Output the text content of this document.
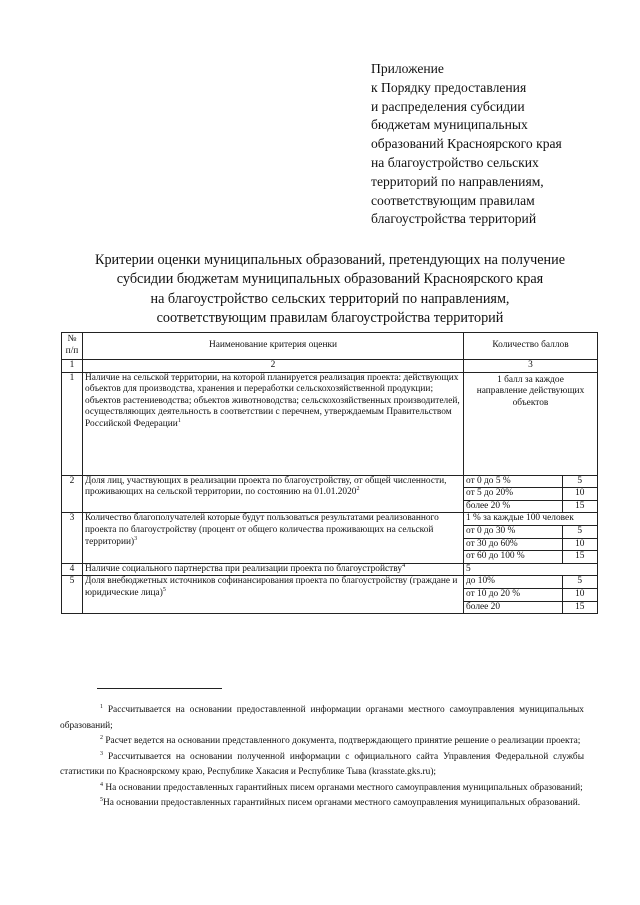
Приложение
к Порядку предоставления
и распределения субсидии
бюджетам муниципальных
образований Красноярского края
на благоустройство сельских
территорий по направлениям,
соответствующим правилам
благоустройства территорий
Критерии оценки муниципальных образований, претендующих на получение
субсидии бюджетам муниципальных образований Красноярского края
на благоустройство сельских территорий по направлениям,
соответствующим правилам благоустройства территорий
№ п/п	Наименование критерия оценки	Количество баллов
1	2	3
1	Наличие на сельской территории, на которой планируется реализация проекта: действующих объектов для производства, хранения и переработки сельскохозяйственной продукции; объектов растениеводства; объектов животноводства; сельскохозяйственных производителей, осуществляющих деятельность в соответствии с перечнем, утверждаемым Правительством Российской Федерации$^1$	1 балл за каждое направление действующих объектов
2	Доля лиц, участвующих в реализации проекта по благоустройству, от общей численности, проживающих на сельской территории, по состоянию на 01.01.2020$^2$	
от 0 до 5 %	5
от 5 до 20%	10
более 20 %	15

3	Количество благополучателей которые будут пользоваться результатами реализованного проекта по благоустройству (процент от общего количества проживающих на сельской территории)$^3$	
1 % за каждые 100 человек
от 0 до 30 %	5
от 30 до 60%	10
от 60 до 100 %	15

4	Наличие социального партнерства при реализации проекта по благоустройству$^4$	5
5	Доля внебюджетных источников софинансирования проекта по благоустройству (граждане и юридические лица)$^5$	
до 10%	5
от 10 до 20 %	10
более 20	15

$^1$ Рассчитывается на основании предоставленной информации органами местного самоуправления муниципальных образований;

$^2$ Расчет ведется на основании представленного документа, подтверждающего принятие решение о реализации проекта;

$^3$ Рассчитывается на основании полученной информации с официального сайта Управления Федеральной службы статистики по Красноярскому краю, Республике Хакасия и Республике Тыва (krasstate.gks.ru);

$^4$ На основании предоставленных гарантийных писем органами местного самоуправления муниципальных образований;

$^5$На основании предоставленных гарантийных писем органами местного самоуправления муниципальных образований.
